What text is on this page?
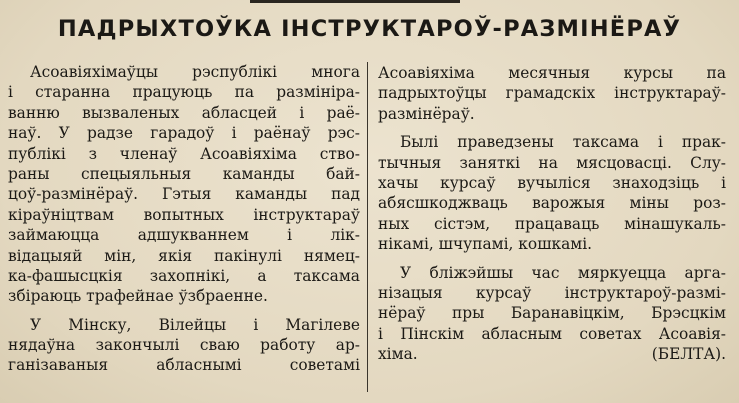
ПАДРЫХТОЎКА ІНСТРУКТАРОЎ-РАЗМІНЁРАЎ
Асоавіяхімаўцы рэспублікі многа
і старанна працуюць па размініра-
ванню вызваленых абласцей і раё-
наў. У радзе гарадоў і раёнаў рэс-
публікі з членаў Асоавіяхіма ство-
раны спецыяльныя каманды бай-
цоў-размінёраў. Гэтыя каманды пад
кіраўніцтвам вопытных інструктараў
займаюцца адшукваннем і лік-
відацыяй мін, якія пакінулі нямец-
ка-фашысцкія захопнікі, а таксама
збіраюць трафейнае ўзбраенне.
У Мінску, Вілейцы і Магілеве
нядаўна закончылі сваю работу ар-
ганізаваныя абласнымі советамі
Асоавіяхіма месячныя курсы па
падрыхтоўцы грамадскіх інструктараў-
размінёраў.
Былі праведзены таксама і прак-
тычныя заняткі на мясцовасці. Слу-
хачы курсаў вучыліся знаходзіць і
абясшкоджваць варожыя міны роз-
ных сістэм, працаваць мінашукаль-
нікамі, шчупамі, кошкамі.
У бліжэйшы час мяркуецца арга-
нізацыя курсаў інструктароў-размі-
нёраў пры Баранавіцкім, Брэсцкім
і Пінскім абласным советах Асоавія-
хіма. (БЕЛТА).
